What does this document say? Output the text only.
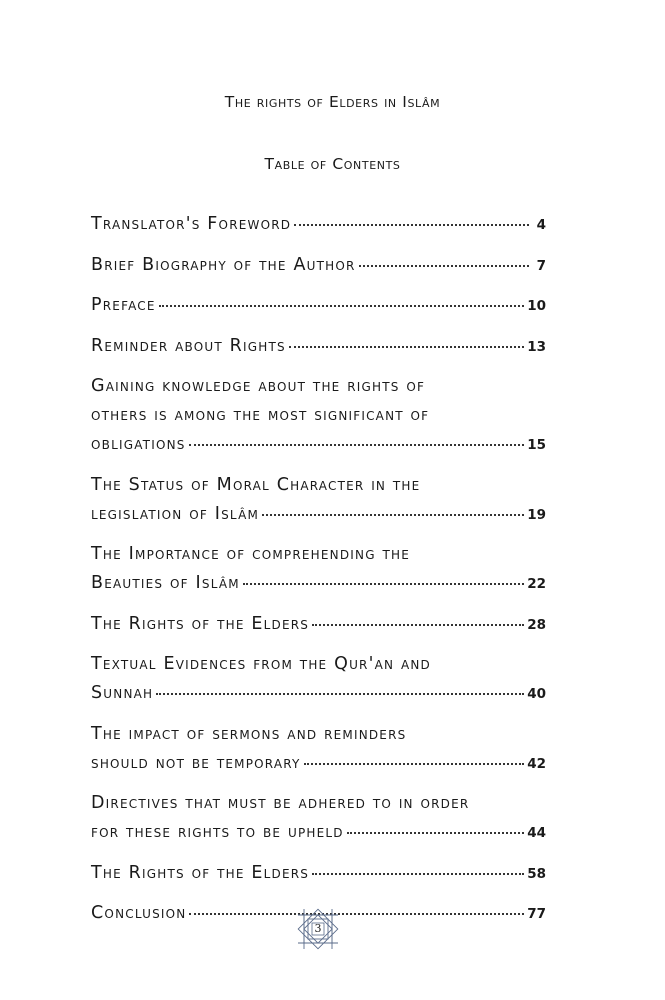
The rights of Elders in Islâm
Table of Contents
Translator's Foreword	4
Brief Biography of the Author	7
Preface	10
Reminder about Rights	13
Gaining knowledge about the rights of
others is among the most significant of
obligations	15
The Status of Moral Character in the
legislation of Islâm	19
The Importance of comprehending the
Beauties of Islâm	22
The Rights of the Elders	28
Textual Evidences from the Qur'an and
Sunnah	40
The impact of sermons and reminders
should not be temporary	42
Directives that must be adhered to in order
for these rights to be upheld	44
The Rights of the Elders	58
Conclusion	77
3
